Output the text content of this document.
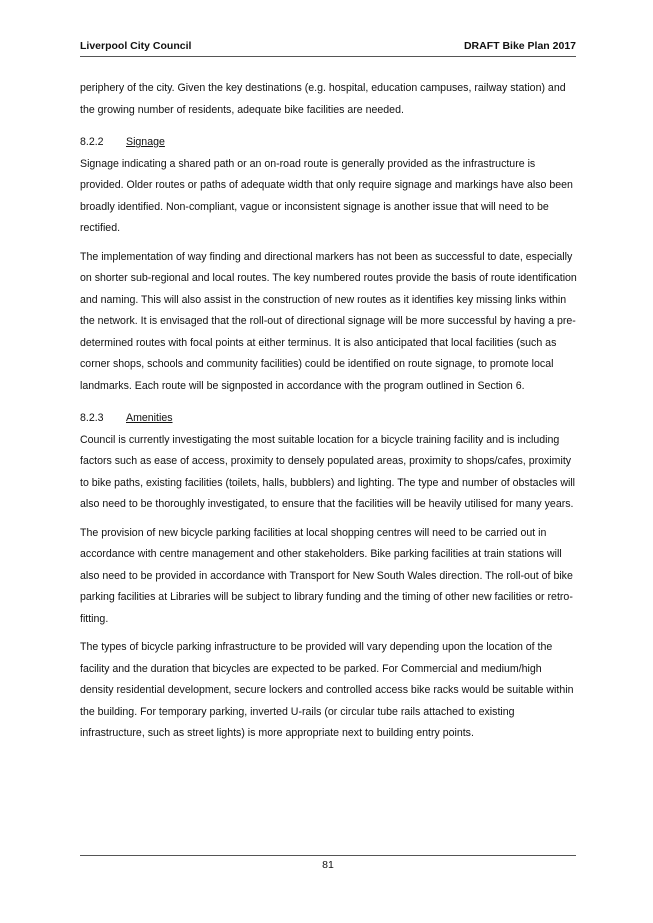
Liverpool City Council	DRAFT Bike Plan 2017

periphery of the city. Given the key destinations (e.g. hospital, education campuses, railway station) and the growing number of residents, adequate bike facilities are needed.

8.2.2 Signage

Signage indicating a shared path or an on-road route is generally provided as the infrastructure is provided. Older routes or paths of adequate width that only require signage and markings have also been broadly identified. Non-compliant, vague or inconsistent signage is another issue that will need to be rectified.

The implementation of way finding and directional markers has not been as successful to date, especially on shorter sub-regional and local routes. The key numbered routes provide the basis of route identification and naming. This will also assist in the construction of new routes as it identifies key missing links within the network. It is envisaged that the roll-out of directional signage will be more successful by having a pre-determined routes with focal points at either terminus. It is also anticipated that local facilities (such as corner shops, schools and community facilities) could be identified on route signage, to promote local landmarks. Each route will be signposted in accordance with the program outlined in Section 6.

8.2.3 Amenities

Council is currently investigating the most suitable location for a bicycle training facility and is including factors such as ease of access, proximity to densely populated areas, proximity to shops/cafes, proximity to bike paths, existing facilities (toilets, halls, bubblers) and lighting. The type and number of obstacles will also need to be thoroughly investigated, to ensure that the facilities will be heavily utilised for many years.

The provision of new bicycle parking facilities at local shopping centres will need to be carried out in accordance with centre management and other stakeholders. Bike parking facilities at train stations will also need to be provided in accordance with Transport for New South Wales direction. The roll-out of bike parking facilities at Libraries will be subject to library funding and the timing of other new facilities or retro-fitting.

The types of bicycle parking infrastructure to be provided will vary depending upon the location of the facility and the duration that bicycles are expected to be parked. For Commercial and medium/high density residential development, secure lockers and controlled access bike racks would be suitable within the building. For temporary parking, inverted U-rails (or circular tube rails attached to existing infrastructure, such as street lights) is more appropriate next to building entry points.

81
